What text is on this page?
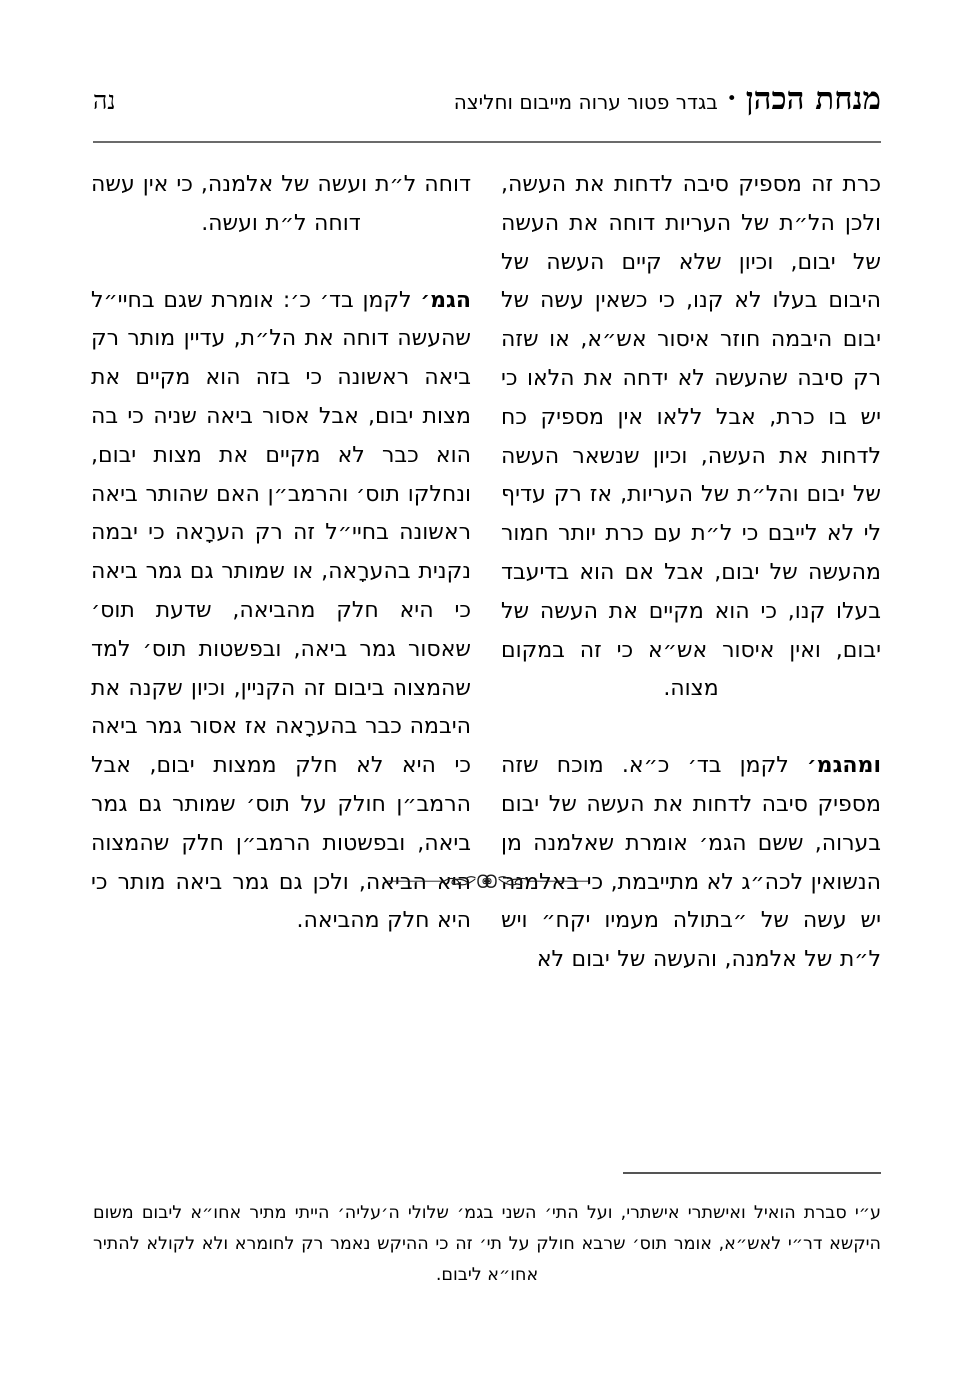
מנחת הכהן
•
בגדר פטור ערוה מייבום וחליצה
נה

כרת זה מספיק סיבה לדחות את העשה, ולכן הל״ת של העריות דוחה את העשה של יבום, וכיון שלא קיים העשה של היבום בעלו לא קנו, כי כשאין עשה של יבום היבמה חוזר איסור אש״א, או שזה רק סיבה שהעשה לא ידחה את הלאו כי יש בו כרת, אבל ללאו אין מספיק כח לדחות את העשה, וכיון שנשאר העשה של יבום והל״ת של העריות, אז רק עדיף לי לא לייבם כי ל״ת עם כרת יותר חמור מהעשה של יבום, אבל אם הוא בדיעבד בעלו קנו, כי הוא מקיים את העשה של יבום, ואין איסור אש״א כי זה במקום מצוה.

ומהגמ׳ לקמן בד׳ כ״א. מוכח שזה מספיק סיבה לדחות את העשה של יבום בערוה, ששם הגמ׳ אומרת שאלמנה מן הנשואין לכה״ג לא מתייבמת, כי באלמנה יש עשה של ״בתולה מעמיו יקח״ ויש ל״ת של אלמנה, והעשה של יבום לא

דוחה ל״ת ועשה של אלמנה, כי אין עשה דוחה ל״ת ועשה.

הגמ׳ לקמן בד׳ כ׳: אומרת שגם בחיי״ל שהעשה דוחה את הל״ת, עדיין מותר רק ביאה ראשונה כי בזה הוא מקיים את מצות יבום, אבל אסור ביאה שניה כי בה הוא כבר לא מקיים את מצות יבום, ונחלקו תוס׳ והרמב״ן האם שהותר ביאה ראשונה בחיי״ל זה רק הערָאה כי יבמה נקנית בהערָאה, או שמותר גם גמר ביאה כי היא חלק מהביאה, שדעת תוס׳ שאסור גמר ביאה, ובפשטות תוס׳ למד שהמצוה ביבום זה הקניין, וכיון שקנה את היבמה כבר בהערָאה אז אסור גמר ביאה כי היא לא חלק ממצות יבום, אבל הרמב״ן חולק על תוס׳ שמותר גם גמר ביאה, ובפשטות הרמב״ן חלק שהמצוה היא הביאה, ולכן גם גמר ביאה מותר כי היא חלק מהביאה.

ע״י סברת הואיל ואישתרי אישתרי, ועל התי׳ השני בגמ׳ שלולי ה׳עליה׳ הייתי מתיר אחו״א ליבום משום היקשא דר״י לאש״א, אומר תוס׳ שרבא חולק על תי׳ זה כי ההיקש נאמר רק לחומרא ולא לקולא להתיר אחו״א ליבום.
